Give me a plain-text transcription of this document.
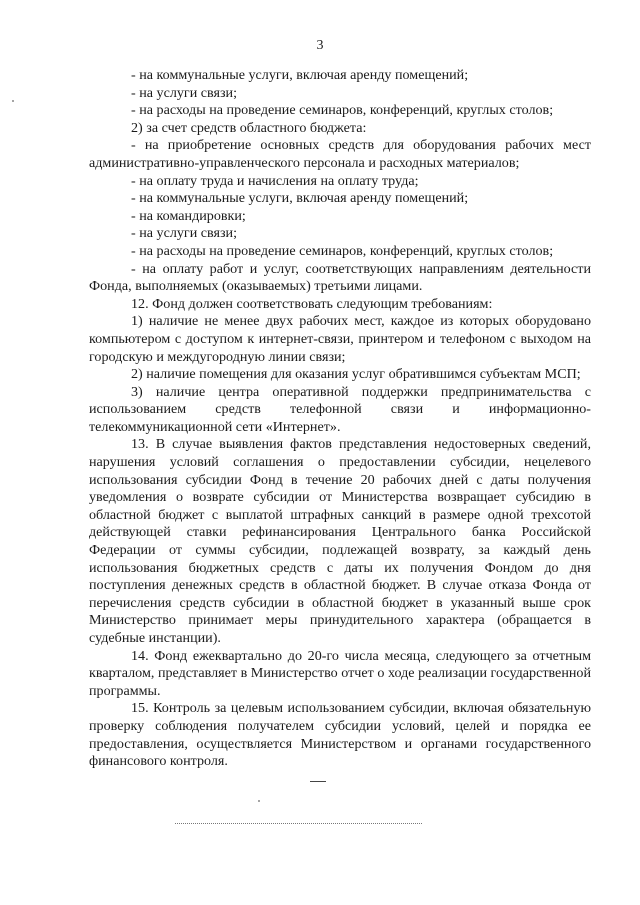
3

- на коммунальные услуги, включая аренду помещений;

- на услуги связи;

- на расходы на проведение семинаров, конференций, круглых столов;

2) за счет средств областного бюджета:

- на приобретение основных средств для оборудования рабочих мест административно-управленческого персонала и расходных материалов;

- на оплату труда и начисления на оплату труда;

- на коммунальные услуги, включая аренду помещений;

- на командировки;

- на услуги связи;

- на расходы на проведение семинаров, конференций, круглых столов;

- на оплату работ и услуг, соответствующих направлениям деятельности Фонда, выполняемых (оказываемых) третьими лицами.

12. Фонд должен соответствовать следующим требованиям:

1) наличие не менее двух рабочих мест, каждое из которых оборудовано компьютером с доступом к интернет-связи, принтером и телефоном с выходом на городскую и междугородную линии связи;

2) наличие помещения для оказания услуг обратившимся субъектам МСП;

3) наличие центра оперативной поддержки предпринимательства с использованием средств телефонной связи и информационно-телекоммуникационной сети «Интернет».

13. В случае выявления фактов представления недостоверных сведений, нарушения условий соглашения о предоставлении субсидии, нецелевого использования субсидии Фонд в течение 20 рабочих дней с даты получения уведомления о возврате субсидии от Министерства возвращает субсидию в областной бюджет с выплатой штрафных санкций в размере одной трехсотой действующей ставки рефинансирования Центрального банка Российской Федерации от суммы субсидии, подлежащей возврату, за каждый день использования бюджетных средств с даты их получения Фондом до дня поступления денежных средств в областной бюджет. В случае отказа Фонда от перечисления средств субсидии в областной бюджет в указанный выше срок Министерство принимает меры принудительного характера (обращается в судебные инстанции).

14. Фонд ежеквартально до 20-го числа месяца, следующего за отчетным кварталом, представляет в Министерство отчет о ходе реализации государственной программы.

15. Контроль за целевым использованием субсидии, включая обязательную проверку соблюдения получателем субсидии условий, целей и порядка ее предоставления, осуществляется Министерством и органами государственного финансового контроля.
